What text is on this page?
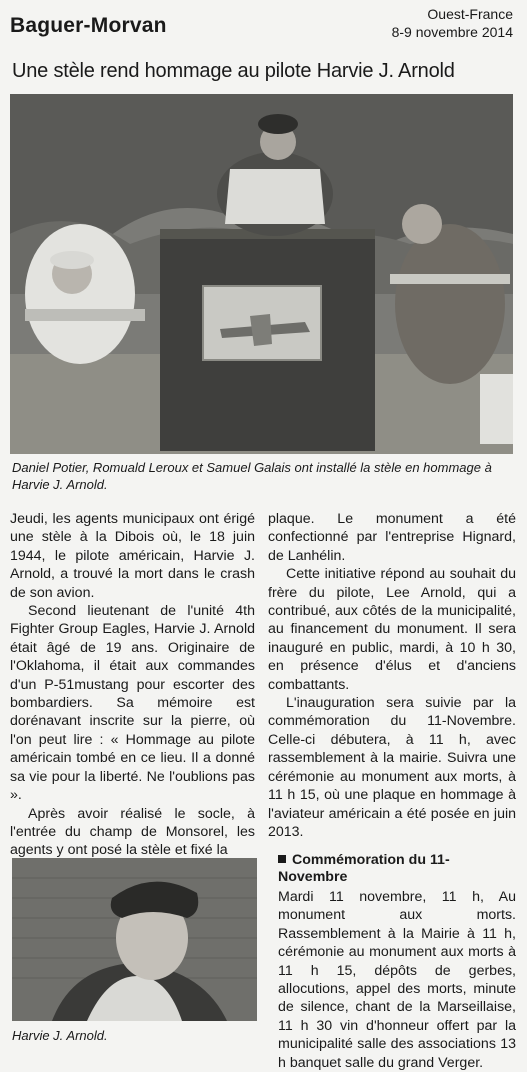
Baguer-Morvan	Ouest-France
8-9 novembre 2014
Une stèle rend hommage au pilote Harvie J. Arnold
Daniel Potier, Romuald Leroux et Samuel Galais ont installé la stèle en hommage à Harvie J. Arnold.

Jeudi, les agents municipaux ont érigé une stèle à la Dibois où, le 18 juin 1944, le pilote américain, Harvie J. Arnold, a trouvé la mort dans le crash de son avion.

Second lieutenant de l'unité 4th Fighter Group Eagles, Harvie J. Arnold était âgé de 19 ans. Originaire de l'Oklahoma, il était aux commandes d'un P-51mustang pour escorter des bombardiers. Sa mémoire est dorénavant inscrite sur la pierre, où l'on peut lire : « Hommage au pilote américain tombé en ce lieu. Il a donné sa vie pour la liberté. Ne l'oublions pas ».

Après avoir réalisé le socle, à l'entrée du champ de Monsorel, les agents y ont posé la stèle et fixé la

plaque. Le monument a été confectionné par l'entreprise Hignard, de Lanhélin.

Cette initiative répond au souhait du frère du pilote, Lee Arnold, qui a contribué, aux côtés de la municipalité, au financement du monument. Il sera inauguré en public, mardi, à 10 h 30, en présence d'élus et d'anciens combattants.

L'inauguration sera suivie par la commémoration du 11-Novembre. Celle-ci débutera, à 11 h, avec rassemblement à la mairie. Suivra une cérémonie au monument aux morts, à 11 h 15, où une plaque en hommage à l'aviateur américain a été posée en juin 2013.

Harvie J. Arnold.
Commémoration du 11-Novembre
Mardi 11 novembre, 11 h, Au monument aux morts. Rassemblement à la Mairie à 11 h, cérémonie au monument aux morts à 11 h 15, dépôts de gerbes, allocutions, appel des morts, minute de silence, chant de la Marseillaise, 11 h 30 vin d'honneur offert par la municipalité salle des associations 13 h banquet salle du grand Verger.
